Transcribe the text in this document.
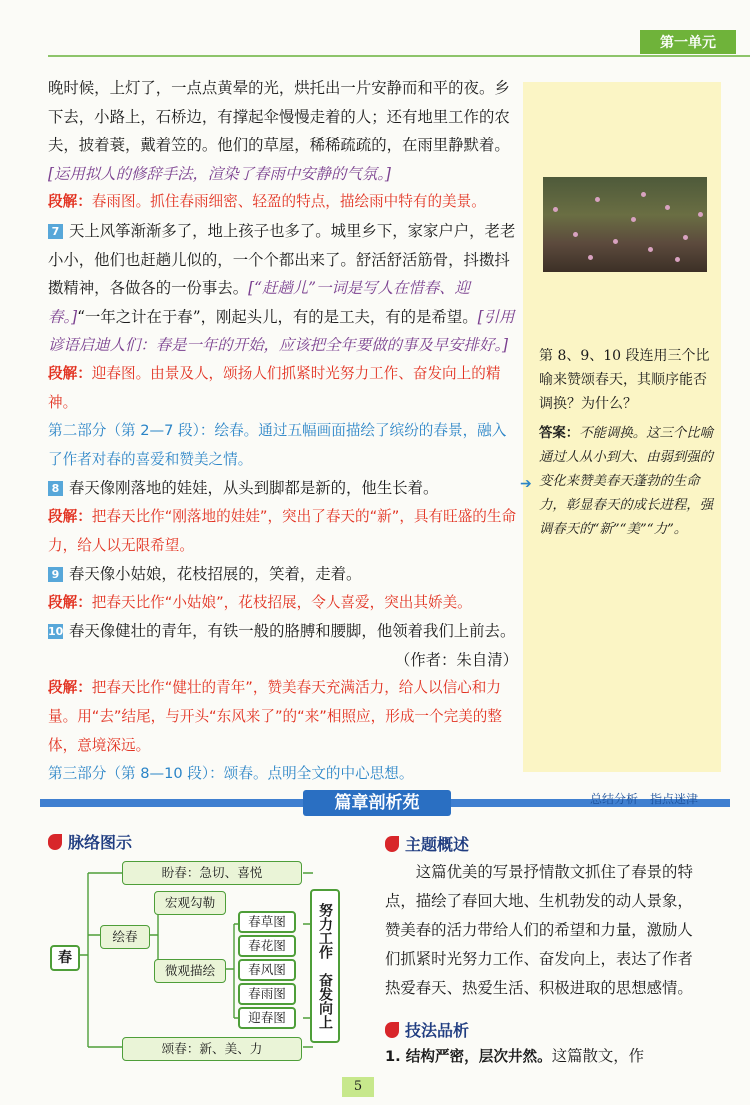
第一单元

晚时候，上灯了，一点点黄晕的光，烘托出一片安静而和平的夜。乡下去，小路上，石桥边，有撑起伞慢慢走着的人；还有地里工作的农夫，披着蓑，戴着笠的。他们的草屋，稀稀疏疏的，在雨里静默着。

[运用拟人的修辞手法，渲染了春雨中安静的气氛。]

段解：春雨图。抓住春雨细密、轻盈的特点，描绘雨中特有的美景。

7 天上风筝渐渐多了，地上孩子也多了。城里乡下，家家户户，老老小小，他们也赶趟儿似的，一个个都出来了。舒活舒活筋骨，抖擞抖擞精神，各做各的一份事去。[“赶趟儿”一词是写人在惜春、迎春。]“一年之计在于春”，刚起头儿，有的是工夫，有的是希望。[引用谚语启迪人们：春是一年的开始，应该把全年要做的事及早安排好。]

段解：迎春图。由景及人，颂扬人们抓紧时光努力工作、奋发向上的精神。

第二部分（第 2—7 段）：绘春。通过五幅画面描绘了缤纷的春景，融入了作者对春的喜爱和赞美之情。

8 春天像刚落地的娃娃，从头到脚都是新的，他生长着。

段解：把春天比作“刚落地的娃娃”，突出了春天的“新”，具有旺盛的生命力，给人以无限希望。

9 春天像小姑娘，花枝招展的，笑着，走着。

段解：把春天比作“小姑娘”，花枝招展，令人喜爱，突出其娇美。

10 春天像健壮的青年，有铁一般的胳膊和腰脚，他领着我们上前去。

（作者：朱自清）

段解：把春天比作“健壮的青年”，赞美春天充满活力，给人以信心和力量。用“去”结尾，与开头“东风来了”的“来”相照应，形成一个完美的整体，意境深远。

第三部分（第 8—10 段）：颂春。点明全文的中心思想。

第 8、9、10 段连用三个比喻来赞颂春天，其顺序能否调换？为什么？
答案：不能调换。这三个比喻通过人从小到大、由弱到强的变化来赞美春天蓬勃的生命力，彰显春天的成长进程，强调春天的“新”“美”“力”。
➔
篇章剖析苑	总结分析　指点迷津
脉络图示
春
盼春：急切、喜悦
绘春
宏观勾勒
微观描绘
春草图
春花图
春风图
春雨图
迎春图
颂春：新、美、力
努力工作　奋发向上
主题概述

这篇优美的写景抒情散文抓住了春景的特点，描绘了春回大地、生机勃发的动人景象，赞美春的活力带给人们的希望和力量，激励人们抓紧时光努力工作、奋发向上，表达了作者热爱春天、热爱生活、积极进取的思想感情。

技法品析

1. 结构严密，层次井然。这篇散文，作

5
